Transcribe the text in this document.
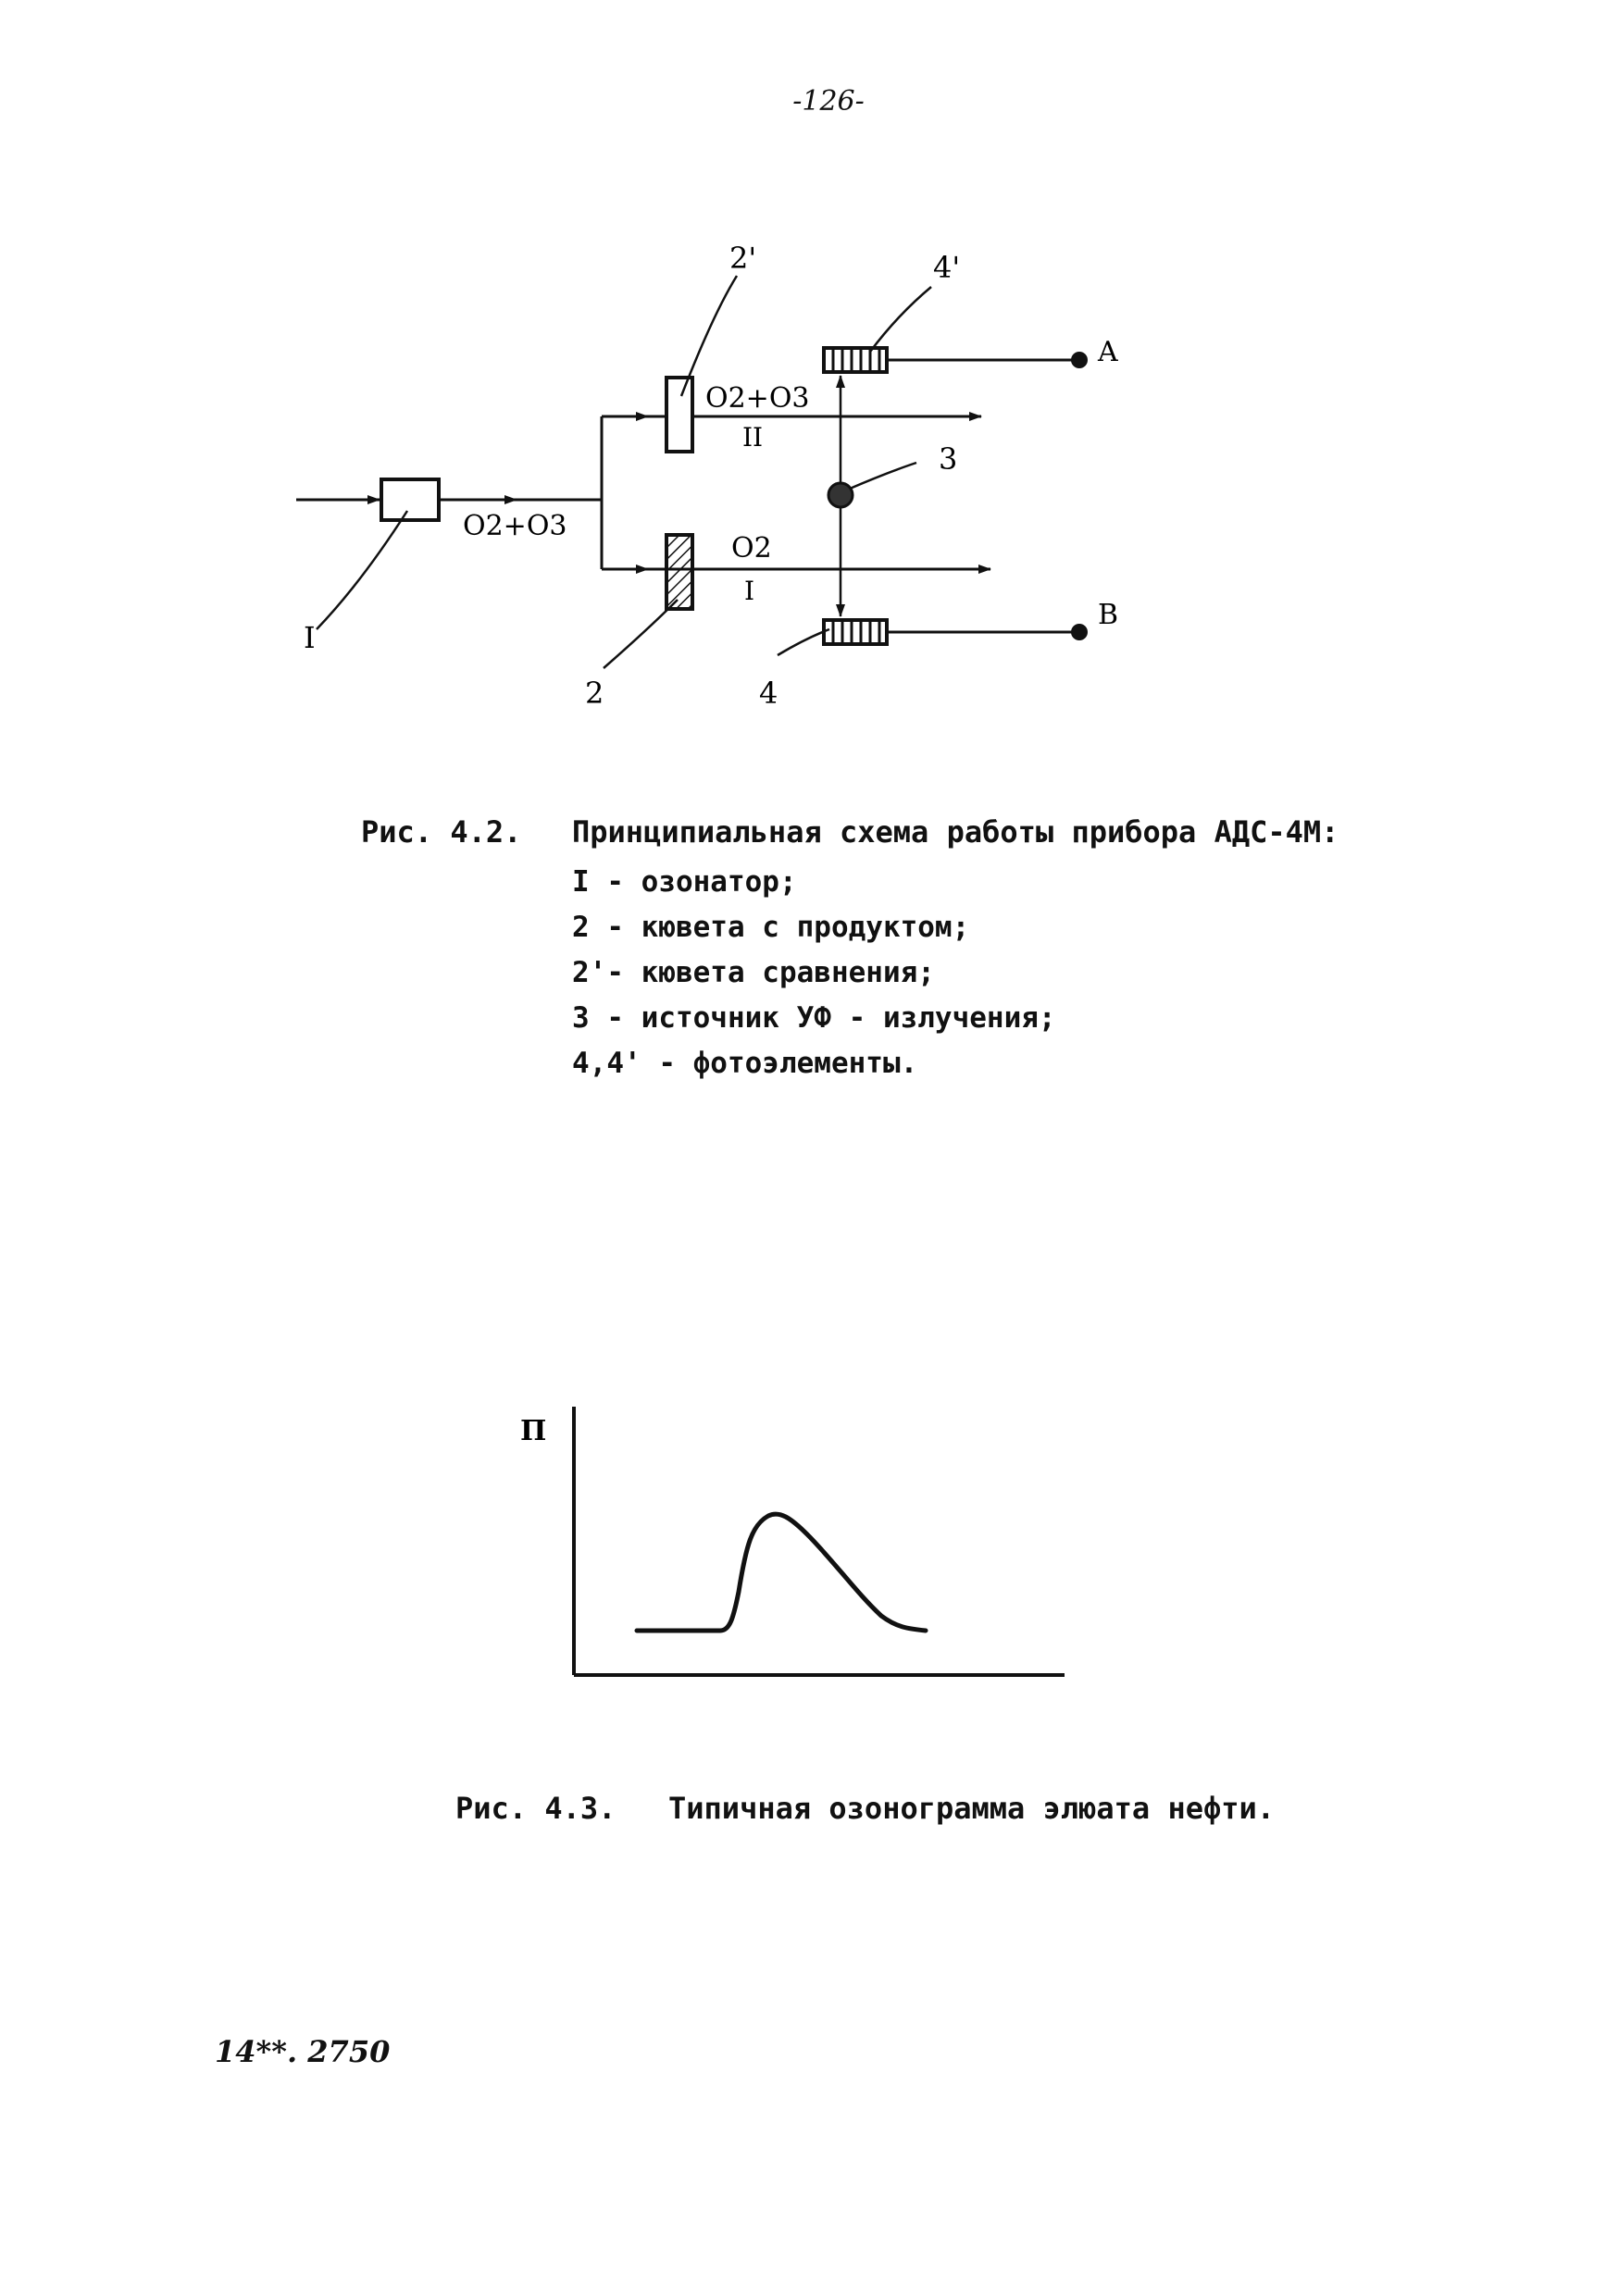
-126-
I
O2+O3
2'
O2+O3
II
O2
I
2
3
4'
4
A
B
Рис. 4.2. Принципиальная схема работы прибора АДС-4М:
I - озонатор;
2 - кювета с продуктом;
2'- кювета сравнения;
3 - источник УФ - излучения;
4,4' - фотоэлементы.
П
Рис. 4.3. Типичная озонограмма элюата нефти.
14**. 2750
